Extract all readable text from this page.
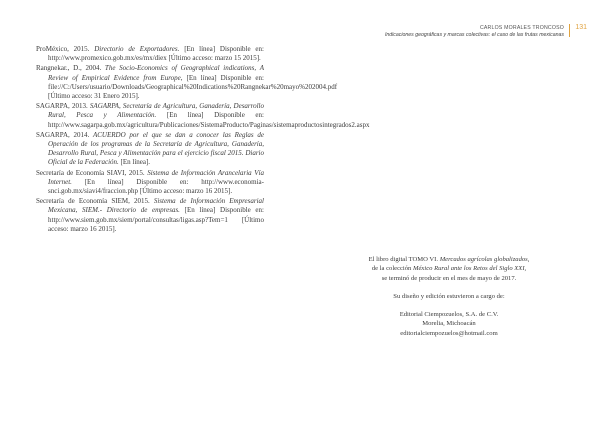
ProMéxico, 2015. Directorio de Exportadores. [En línea] Disponible en: http://www.promexico.gob.mx/es/mx/diex [Último acceso: marzo 15 2015].

Rangnekar., D., 2004. The Socio-Economics of Geographical indications, A Review of Empirical Evidence from Europe, [En línea] Disponible en: file://C:/Users/usuario/Downloads/Geographical%20Indications%20Rangnekar%20mayo%202004.pdf [Último acceso: 31 Enero 2015].

SAGARPA, 2013. SAGARPA, Secretaría de Agricultura, Ganadería, Desarrollo Rural, Pesca y Alimentación. [En línea] Disponible en: http://www.sagarpa.gob.mx/agricultura/Publicaciones/SistemaProducto/Paginas/sistemaproductosintegrados2.aspx

SAGARPA, 2014. ACUERDO por el que se dan a conocer las Reglas de Operación de los programas de la Secretaría de Agricultura, Ganadería, Desarrollo Rural, Pesca y Alimentación para el ejercicio fiscal 2015. Diario Oficial de la Federación. [En línea].

Secretaría de Economía SIAVI, 2015. Sistema de Información Arancelaria Vía Internet. [En línea] Disponible en: http://www.economia-snci.gob.mx/siavi4/fraccion.php [Último acceso: marzo 16 2015].

Secretaría de Economía SIEM, 2015. Sistema de Información Empresarial Mexicana, SIEM.- Directorio de empresas. [En línea] Disponible en: http://www.siem.gob.mx/siem/portal/consultas/ligas.asp?Tem=1 [Último acceso: marzo 16 2015].

CARLOS MORALES TRONCOSO
Indicaciones geográficas y marcas colectivas: el caso de las frutas mexicanas
131

El libro digital TOMO VI. Mercados agrícolas globalizados,

de la colección México Rural ante los Retos del Siglo XXI,

se terminó de producir en el mes de mayo de 2017.

Su diseño y edición estuvieron a cargo de:

Editorial Ciempozuelos, S.A. de C.V.

Morelia, Michoacán

editorialciempozuelos@hotmail.com
